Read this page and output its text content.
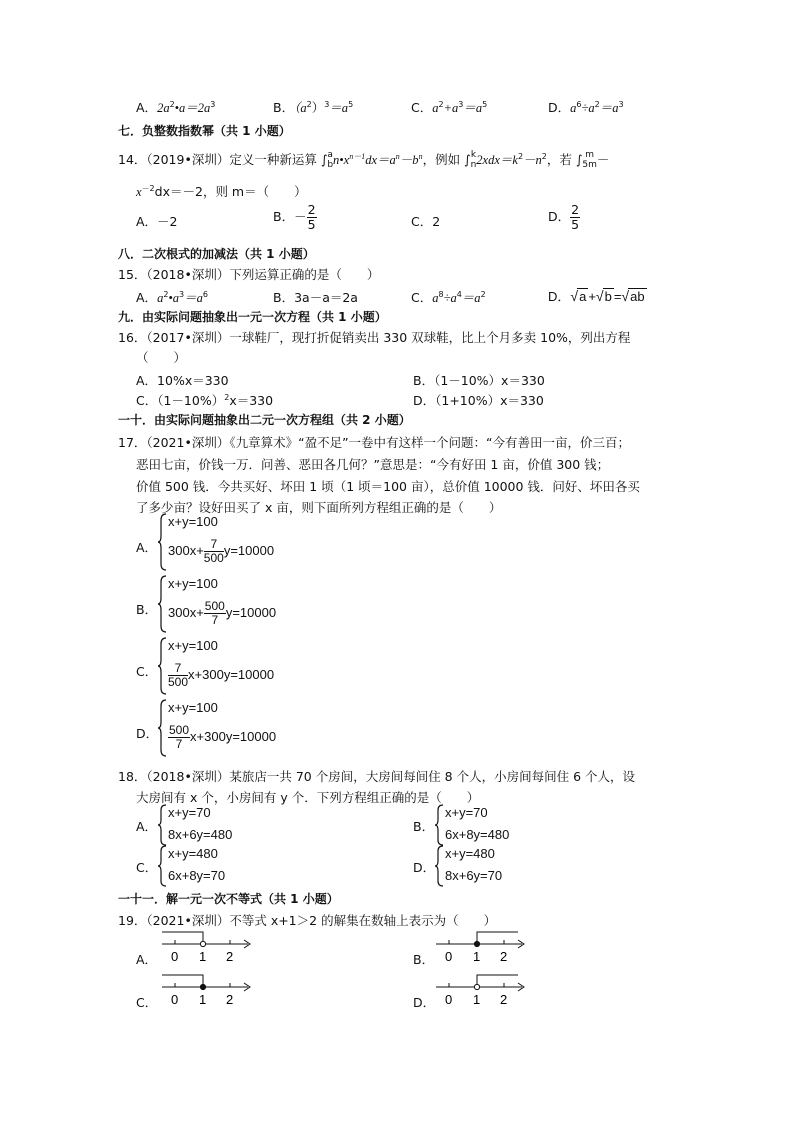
A．$2a^2•a=2a^3$	B．$(a^2)^3=a^5$	C．$a^2+a^3=a^5$	D．$a^6\div a^2=a^3$
七．负整数指数幂（共 1 小题）
14．（2019•深圳）定义一种新运算 ∫ a
b $n•x^{n-1}dx=a^n-b^n$，例如 ∫ k
n $2xdx=k^2-n^2$，若 ∫ m
5m －
$x^{-2}dx=-2$，则 m＝（　　）
A．－2	B．－ $\frac{2}{5}$	C．2	D． $\frac{2}{5}$
八．二次根式的加减法（共 1 小题）
15．（2018•深圳）下列运算正确的是（　　）
A．$a^2•a^3=a^6$	B．3a－a＝2a	C．$a^8\div a^4=a^2$	D．√a +√b =√ab
九．由实际问题抽象出一元一次方程（共 1 小题）
16．（2017•深圳）一球鞋厂，现打折促销卖出 330 双球鞋，比上个月多卖 10%，列出方程
（　　）
A．10%x＝330	B．（1－10%）x＝330
C．$(1-10\%)^2x=330$	D．（1+10%）x＝330
一十．由实际问题抽象出二元一次方程组（共 2 小题）
17．（2021•深圳）《九章算术》“盈不足”一卷中有这样一个问题：“今有善田一亩，价三百；
恶田七亩，价钱一万．问善、恶田各几何？”意思是：“今有好田 1 亩，价值 300 钱；
价值 500 钱．今共买好、坏田 1 顷（1 顷＝100 亩），总价值 10000 钱．问好、坏田各买
了多少亩？设好田买了 x 亩，则下面所列方程组正确的是（　　）
A．
x+y=100
$300x+ \frac{7}{500} y=10000$
B．
x+y=100
$300x+ \frac{500}{7} y=10000$
C．
x+y=100
$\frac{7}{500} x+300y=10000$
D．
x+y=100
$\frac{500}{7} x+300y=10000$
18．（2018•深圳）某旅店一共 70 个房间，大房间每间住 8 个人，小房间每间住 6 个人，设
大房间有 x 个，小房间有 y 个．下列方程组正确的是（　　）
A．
x+y=70
8x+6y=480
B．
x+y=70
6x+8y=480
C．
x+y=480
6x+8y=70
D．
x+y=480
8x+6y=70
一十一．解一元一次不等式（共 1 小题）
19．（2021•深圳）不等式 x+1＞2 的解集在数轴上表示为（　　）
A． 0 1 2	B． 0 1 2
C． 0 1 2	D． 0 1 2
